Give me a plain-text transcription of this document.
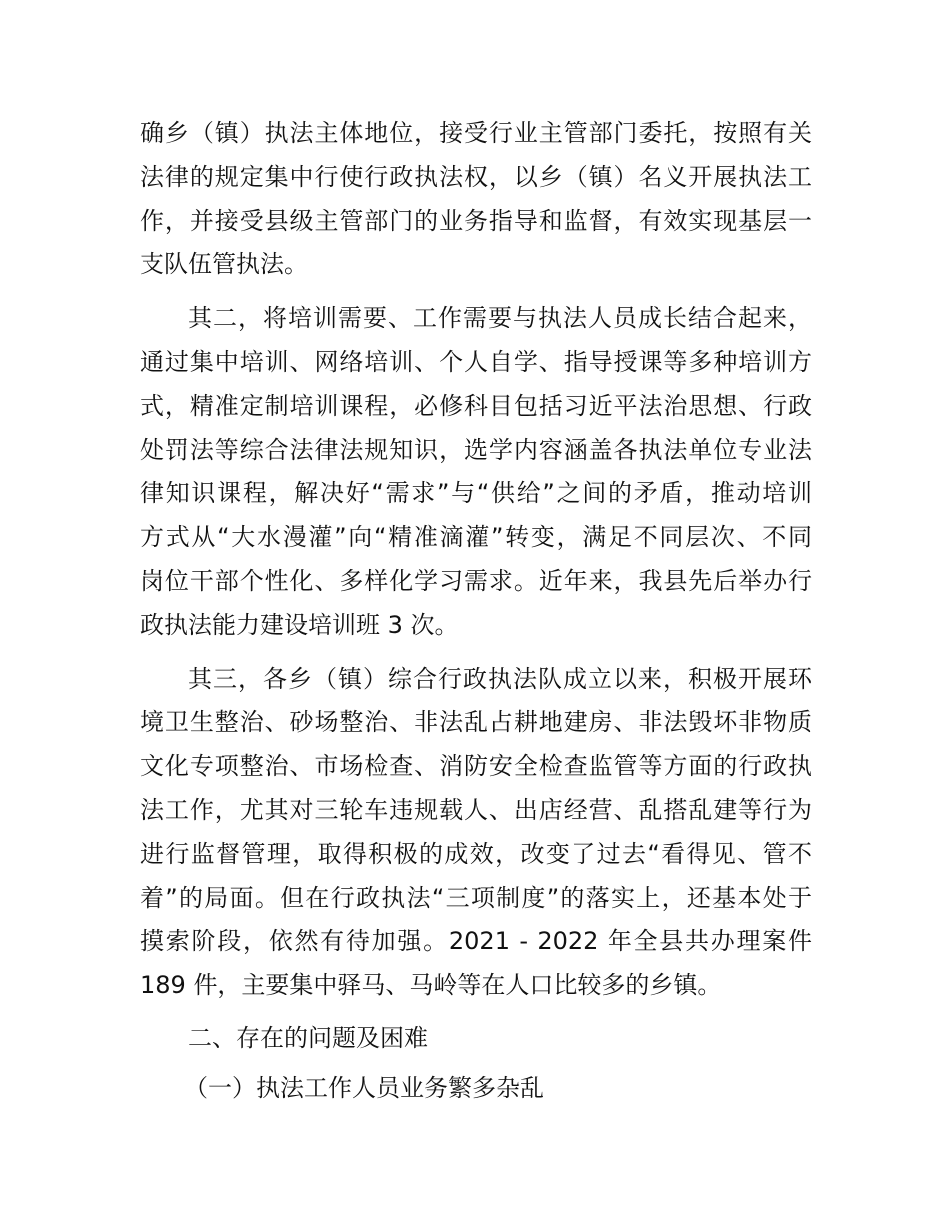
确乡（镇）执法主体地位，接受行业主管部门委托，按照有关
法律的规定集中行使行政执法权，以乡（镇）名义开展执法工
作，并接受县级主管部门的业务指导和监督，有效实现基层一
支队伍管执法。
其二，将培训需要、工作需要与执法人员成长结合起来，
通过集中培训、网络培训、个人自学、指导授课等多种培训方
式，精准定制培训课程，必修科目包括习近平法治思想、行政
处罚法等综合法律法规知识，选学内容涵盖各执法单位专业法
律知识课程，解决好“需求”与“供给”之间的矛盾，推动培训
方式从“大水漫灌”向“精准滴灌”转变，满足不同层次、不同
岗位干部个性化、多样化学习需求。近年来，我县先后举办行
政执法能力建设培训班 3 次。
其三，各乡（镇）综合行政执法队成立以来，积极开展环
境卫生整治、砂场整治、非法乱占耕地建房、非法毁坏非物质
文化专项整治、市场检查、消防安全检查监管等方面的行政执
法工作，尤其对三轮车违规载人、出店经营、乱搭乱建等行为
进行监督管理，取得积极的成效，改变了过去“看得见、管不
着”的局面。但在行政执法“三项制度”的落实上，还基本处于
摸索阶段，依然有待加强。2021 - 2022 年全县共办理案件
189 件，主要集中驿马、马岭等在人口比较多的乡镇。
二、存在的问题及困难
（一）执法工作人员业务繁多杂乱
